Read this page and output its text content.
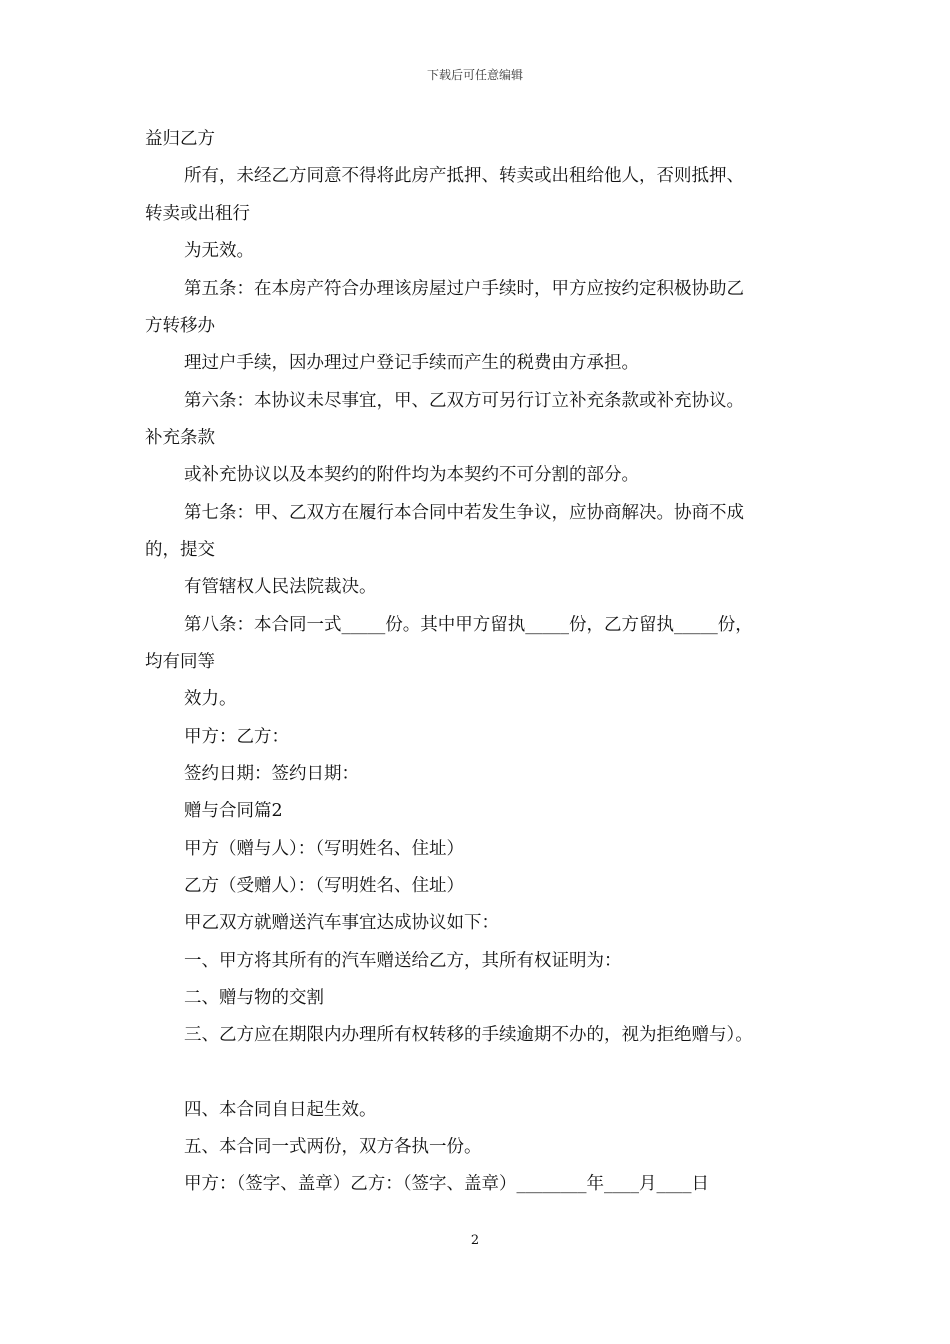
下载后可任意编辑
益归乙方
所有，未经乙方同意不得将此房产抵押、转卖或出租给他人，否则抵押、
转卖或出租行
为无效。
第五条：在本房产符合办理该房屋过户手续时，甲方应按约定积极协助乙
方转移办
理过户手续，因办理过户登记手续而产生的税费由方承担。
第六条：本协议未尽事宜，甲、乙双方可另行订立补充条款或补充协议。
补充条款
或补充协议以及本契约的附件均为本契约不可分割的部分。
第七条：甲、乙双方在履行本合同中若发生争议，应协商解决。协商不成
的，提交
有管辖权人民法院裁决。
第八条：本合同一式_____份。其中甲方留执_____份，乙方留执_____份，
均有同等
效力。
甲方：乙方：
签约日期：签约日期：
赠与合同篇2
甲方（赠与人）：（写明姓名、住址）
乙方（受赠人）：（写明姓名、住址）
甲乙双方就赠送汽车事宜达成协议如下：
一、甲方将其所有的汽车赠送给乙方，其所有权证明为：
二、赠与物的交割
三、乙方应在期限内办理所有权转移的手续逾期不办的，视为拒绝赠与）。
四、本合同自日起生效。
五、本合同一式两份，双方各执一份。
甲方：（签字、盖章）乙方：（签字、盖章）________年____月____日
2
